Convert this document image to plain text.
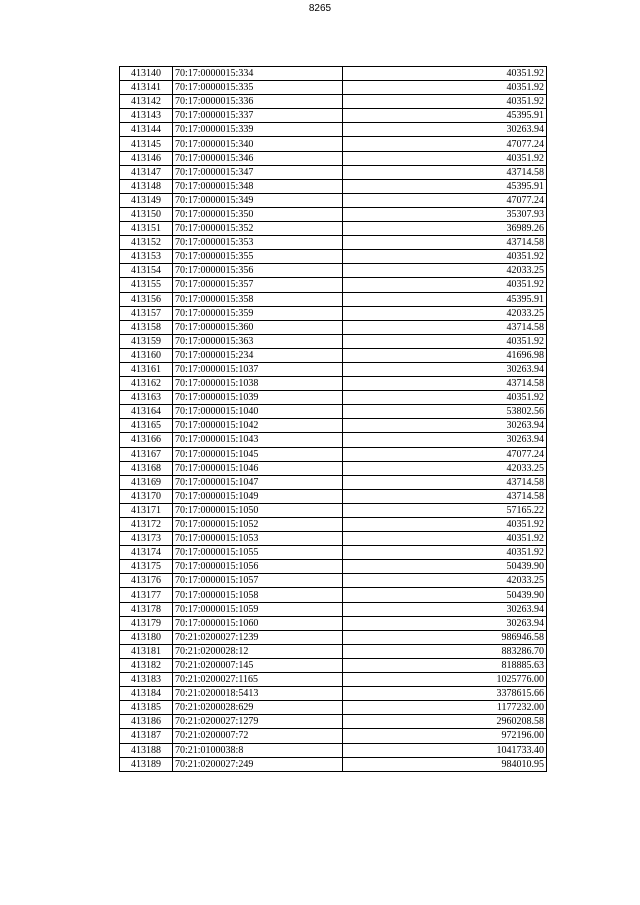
8265
413140	70:17:0000015:334	40351.92
413141	70:17:0000015:335	40351.92
413142	70:17:0000015:336	40351.92
413143	70:17:0000015:337	45395.91
413144	70:17:0000015:339	30263.94
413145	70:17:0000015:340	47077.24
413146	70:17:0000015:346	40351.92
413147	70:17:0000015:347	43714.58
413148	70:17:0000015:348	45395.91
413149	70:17:0000015:349	47077.24
413150	70:17:0000015:350	35307.93
413151	70:17:0000015:352	36989.26
413152	70:17:0000015:353	43714.58
413153	70:17:0000015:355	40351.92
413154	70:17:0000015:356	42033.25
413155	70:17:0000015:357	40351.92
413156	70:17:0000015:358	45395.91
413157	70:17:0000015:359	42033.25
413158	70:17:0000015:360	43714.58
413159	70:17:0000015:363	40351.92
413160	70:17:0000015:234	41696.98
413161	70:17:0000015:1037	30263.94
413162	70:17:0000015:1038	43714.58
413163	70:17:0000015:1039	40351.92
413164	70:17:0000015:1040	53802.56
413165	70:17:0000015:1042	30263.94
413166	70:17:0000015:1043	30263.94
413167	70:17:0000015:1045	47077.24
413168	70:17:0000015:1046	42033.25
413169	70:17:0000015:1047	43714.58
413170	70:17:0000015:1049	43714.58
413171	70:17:0000015:1050	57165.22
413172	70:17:0000015:1052	40351.92
413173	70:17:0000015:1053	40351.92
413174	70:17:0000015:1055	40351.92
413175	70:17:0000015:1056	50439.90
413176	70:17:0000015:1057	42033.25
413177	70:17:0000015:1058	50439.90
413178	70:17:0000015:1059	30263.94
413179	70:17:0000015:1060	30263.94
413180	70:21:0200027:1239	986946.58
413181	70:21:0200028:12	883286.70
413182	70:21:0200007:145	818885.63
413183	70:21:0200027:1165	1025776.00
413184	70:21:0200018:5413	3378615.66
413185	70:21:0200028:629	1177232.00
413186	70:21:0200027:1279	2960208.58
413187	70:21:0200007:72	972196.00
413188	70:21:0100038:8	1041733.40
413189	70:21:0200027:249	984010.95
